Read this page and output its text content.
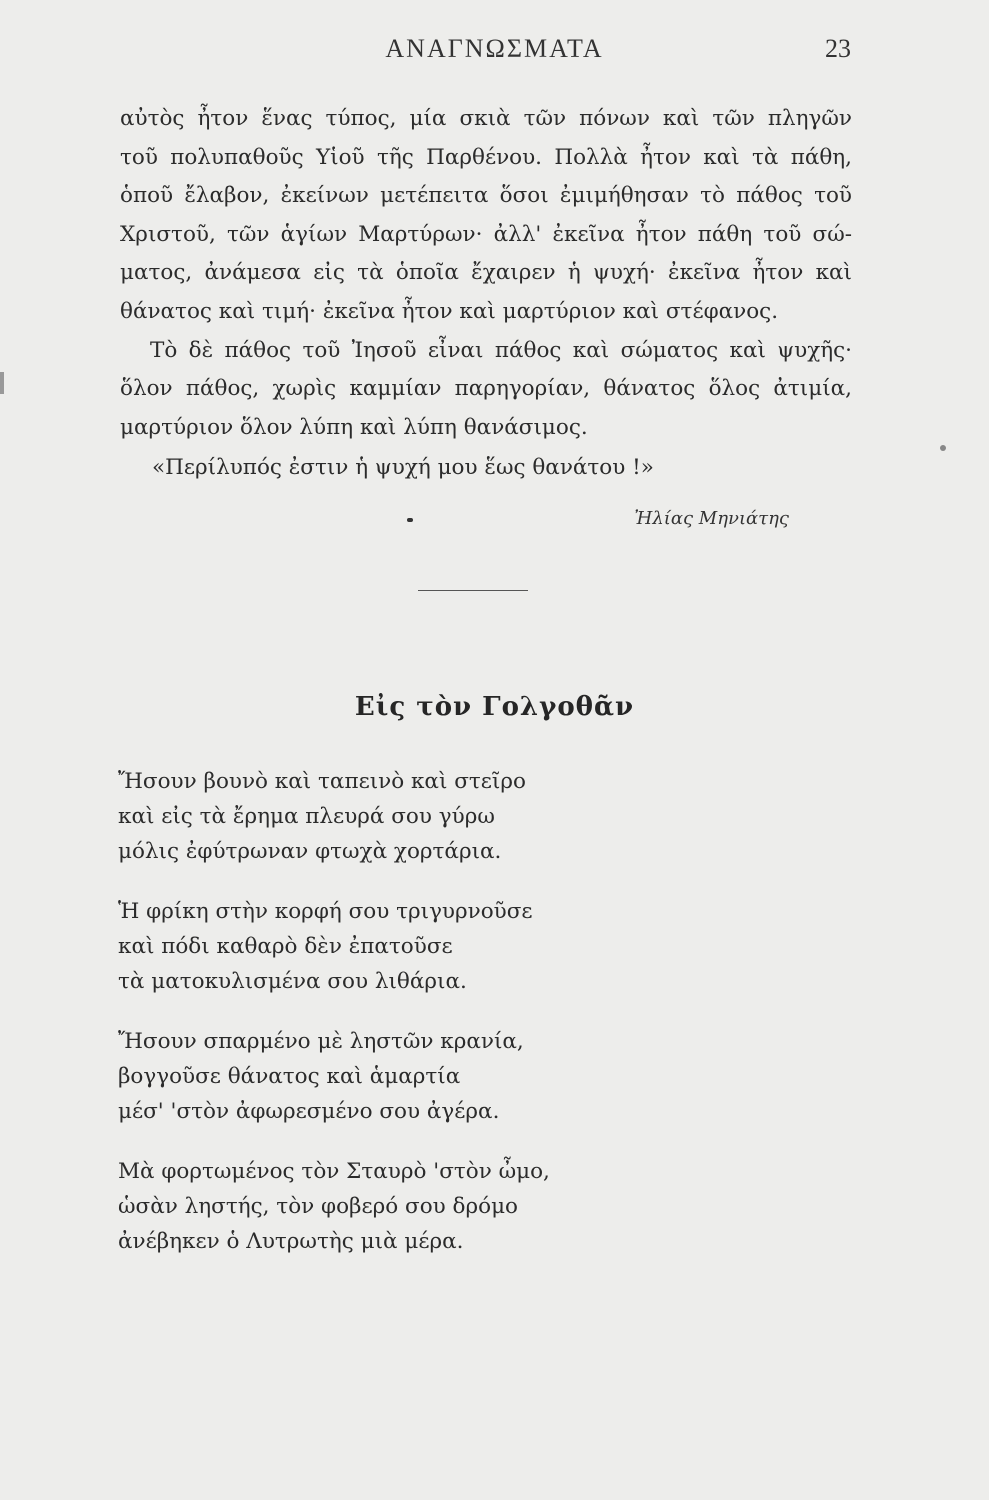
ΑΝΑΓΝΩΣΜΑΤΑ	23

αὐτὸς ἦτον ἕνας τύπος, μία σκιὰ τῶν πόνων καὶ τῶν πληγῶν
τοῦ πολυπαθοῦς Υἱοῦ τῆς Παρθένου. Πολλὰ ἦτον καὶ τὰ πάθη,
ὁποῦ ἔλαβον, ἐκείνων μετέπειτα ὅσοι ἐμιμήθησαν τὸ πάθος τοῦ
Χριστοῦ, τῶν ἁγίων Μαρτύρων· ἀλλ' ἐκεῖνα ἦτον πάθη τοῦ σώ-
ματος, ἀνάμεσα εἰς τὰ ὁποῖα ἔχαιρεν ἡ ψυχή· ἐκεῖνα ἦτον καὶ
θάνατος καὶ τιμή· ἐκεῖνα ἦτον καὶ μαρτύριον καὶ στέφανος.

Τὸ δὲ πάθος τοῦ Ἰησοῦ εἶναι πάθος καὶ σώματος καὶ ψυχῆς·
ὅλον πάθος, χωρὶς καμμίαν παρηγορίαν, θάνατος ὅλος ἀτιμία,
μαρτύριον ὅλον λύπη καὶ λύπη θανάσιμος.

«Περίλυπός ἐστιν ἡ ψυχή μου ἕως θανάτου !»
Ἠλίας Μηνιάτης
Εἰς τὸν Γολγοθᾶν
Ἤσουν βουνὸ καὶ ταπεινὸ καὶ στεῖρο
καὶ εἰς τὰ ἔρημα πλευρά σου γύρω
μόλις ἐφύτρωναν φτωχὰ χορτάρια.
Ἡ φρίκη στὴν κορφή σου τριγυρνοῦσε
καὶ πόδι καθαρὸ δὲν ἐπατοῦσε
τὰ ματοκυλισμένα σου λιθάρια.
Ἤσουν σπαρμένο μὲ ληστῶν κρανία,
βογγοῦσε θάνατος καὶ ἁμαρτία
μέσ' 'στὸν ἀφωρεσμένο σου ἀγέρα.
Μὰ φορτωμένος τὸν Σταυρὸ 'στὸν ὦμο,
ὡσὰν ληστής, τὸν φοβερό σου δρόμο
ἀνέβηκεν ὁ Λυτρωτὴς μιὰ μέρα.
